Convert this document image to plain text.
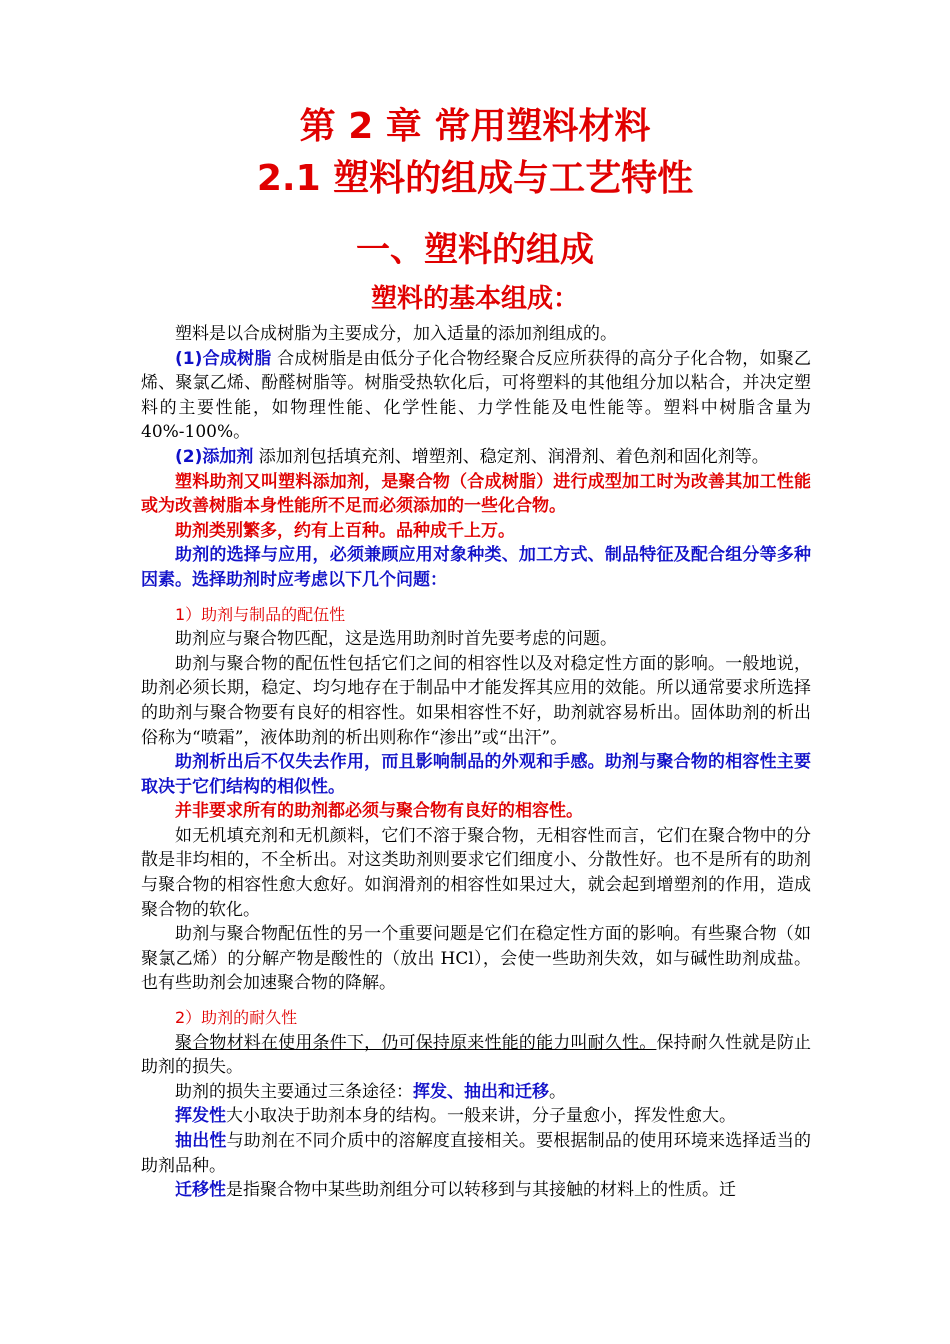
第 2 章 常用塑料材料
2.1 塑料的组成与工艺特性
一、塑料的组成
塑料的基本组成：

塑料是以合成树脂为主要成分，加入适量的添加剂组成的。

(1)合成树脂 合成树脂是由低分子化合物经聚合反应所获得的高分子化合物，如聚乙烯、聚氯乙烯、酚醛树脂等。树脂受热软化后，可将塑料的其他组分加以粘合，并决定塑料的主要性能，如物理性能、化学性能、力学性能及电性能等。塑料中树脂含量为 40%-100%。

(2)添加剂 添加剂包括填充剂、增塑剂、稳定剂、润滑剂、着色剂和固化剂等。

塑料助剂又叫塑料添加剂，是聚合物（合成树脂）进行成型加工时为改善其加工性能或为改善树脂本身性能所不足而必须添加的一些化合物。

助剂类别繁多，约有上百种。品种成千上万。

助剂的选择与应用，必须兼顾应用对象种类、加工方式、制品特征及配合组分等多种因素。选择助剂时应考虑以下几个问题：

1）助剂与制品的配伍性

助剂应与聚合物匹配，这是选用助剂时首先要考虑的问题。

助剂与聚合物的配伍性包括它们之间的相容性以及对稳定性方面的影响。一般地说，助剂必须长期，稳定、均匀地存在于制品中才能发挥其应用的效能。所以通常要求所选择的助剂与聚合物要有良好的相容性。如果相容性不好，助剂就容易析出。固体助剂的析出俗称为“喷霜”，液体助剂的析出则称作“渗出”或“出汗”。

助剂析出后不仅失去作用，而且影响制品的外观和手感。助剂与聚合物的相容性主要取决于它们结构的相似性。

并非要求所有的助剂都必须与聚合物有良好的相容性。

如无机填充剂和无机颜料，它们不溶于聚合物，无相容性而言，它们在聚合物中的分散是非均相的，不全析出。对这类助剂则要求它们细度小、分散性好。也不是所有的助剂与聚合物的相容性愈大愈好。如润滑剂的相容性如果过大，就会起到增塑剂的作用，造成聚合物的软化。

助剂与聚合物配伍性的另一个重要问题是它们在稳定性方面的影响。有些聚合物（如聚氯乙烯）的分解产物是酸性的（放出 HCl），会使一些助剂失效，如与碱性助剂成盐。也有些助剂会加速聚合物的降解。

2）助剂的耐久性

聚合物材料在使用条件下，仍可保持原来性能的能力叫耐久性。保持耐久性就是防止助剂的损失。

助剂的损失主要通过三条途径：挥发、抽出和迁移。

挥发性大小取决于助剂本身的结构。一般来讲，分子量愈小，挥发性愈大。

抽出性与助剂在不同介质中的溶解度直接相关。要根据制品的使用环境来选择适当的助剂品种。

迁移性是指聚合物中某些助剂组分可以转移到与其接触的材料上的性质。迁
